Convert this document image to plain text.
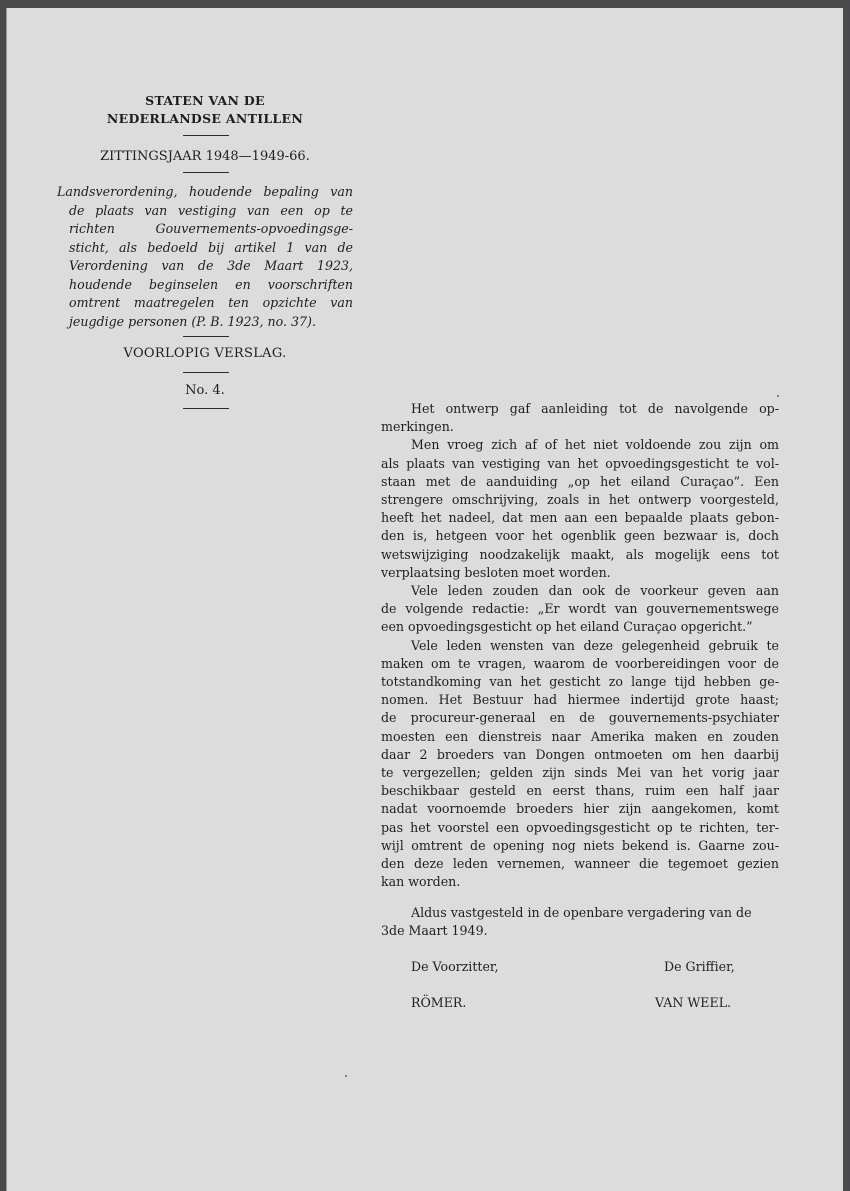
STATEN VAN DE
NEDERLANDSE ANTILLEN
ZITTINGSJAAR 1948—1949-66.
Landsverordening, houdende bepaling van
de plaats van vestiging van een op te
richten Gouvernements-opvoedingsge-
sticht, als bedoeld bij artikel 1 van de
Verordening van de 3de Maart 1923,
houdende beginselen en voorschriften
omtrent maatregelen ten opzichte van
jeugdige personen (P. B. 1923, no. 37).
VOORLOPIG VERSLAG.
No. 4.
Het ontwerp gaf aanleiding tot de navolgende op-
merkingen.
Men vroeg zich af of het niet voldoende zou zijn om
als plaats van vestiging van het opvoedingsgesticht te vol-
staan met de aanduiding „op het eiland Curaçao”. Een
strengere omschrijving, zoals in het ontwerp voorgesteld,
heeft het nadeel, dat men aan een bepaalde plaats gebon-
den is, hetgeen voor het ogenblik geen bezwaar is, doch
wetswijziging noodzakelijk maakt, als mogelijk eens tot
verplaatsing besloten moet worden.
Vele leden zouden dan ook de voorkeur geven aan
de volgende redactie: „Er wordt van gouvernementswege
een opvoedingsgesticht op het eiland Curaçao opgericht.”
Vele leden wensten van deze gelegenheid gebruik te
maken om te vragen, waarom de voorbereidingen voor de
totstandkoming van het gesticht zo lange tijd hebben ge-
nomen. Het Bestuur had hiermee indertijd grote haast;
de procureur-generaal en de gouvernements-psychiater
moesten een dienstreis naar Amerika maken en zouden
daar 2 broeders van Dongen ontmoeten om hen daarbij
te vergezellen; gelden zijn sinds Mei van het vorig jaar
beschikbaar gesteld en eerst thans, ruim een half jaar
nadat voornoemde broeders hier zijn aangekomen, komt
pas het voorstel een opvoedingsgesticht op te richten, ter-
wijl omtrent de opening nog niets bekend is. Gaarne zou-
den deze leden vernemen, wanneer die tegemoet gezien
kan worden.
Aldus vastgesteld in de openbare vergadering van de
3de Maart 1949.
De Voorzitter,	De Griffier,
RÖMER.	VAN WEEL.
